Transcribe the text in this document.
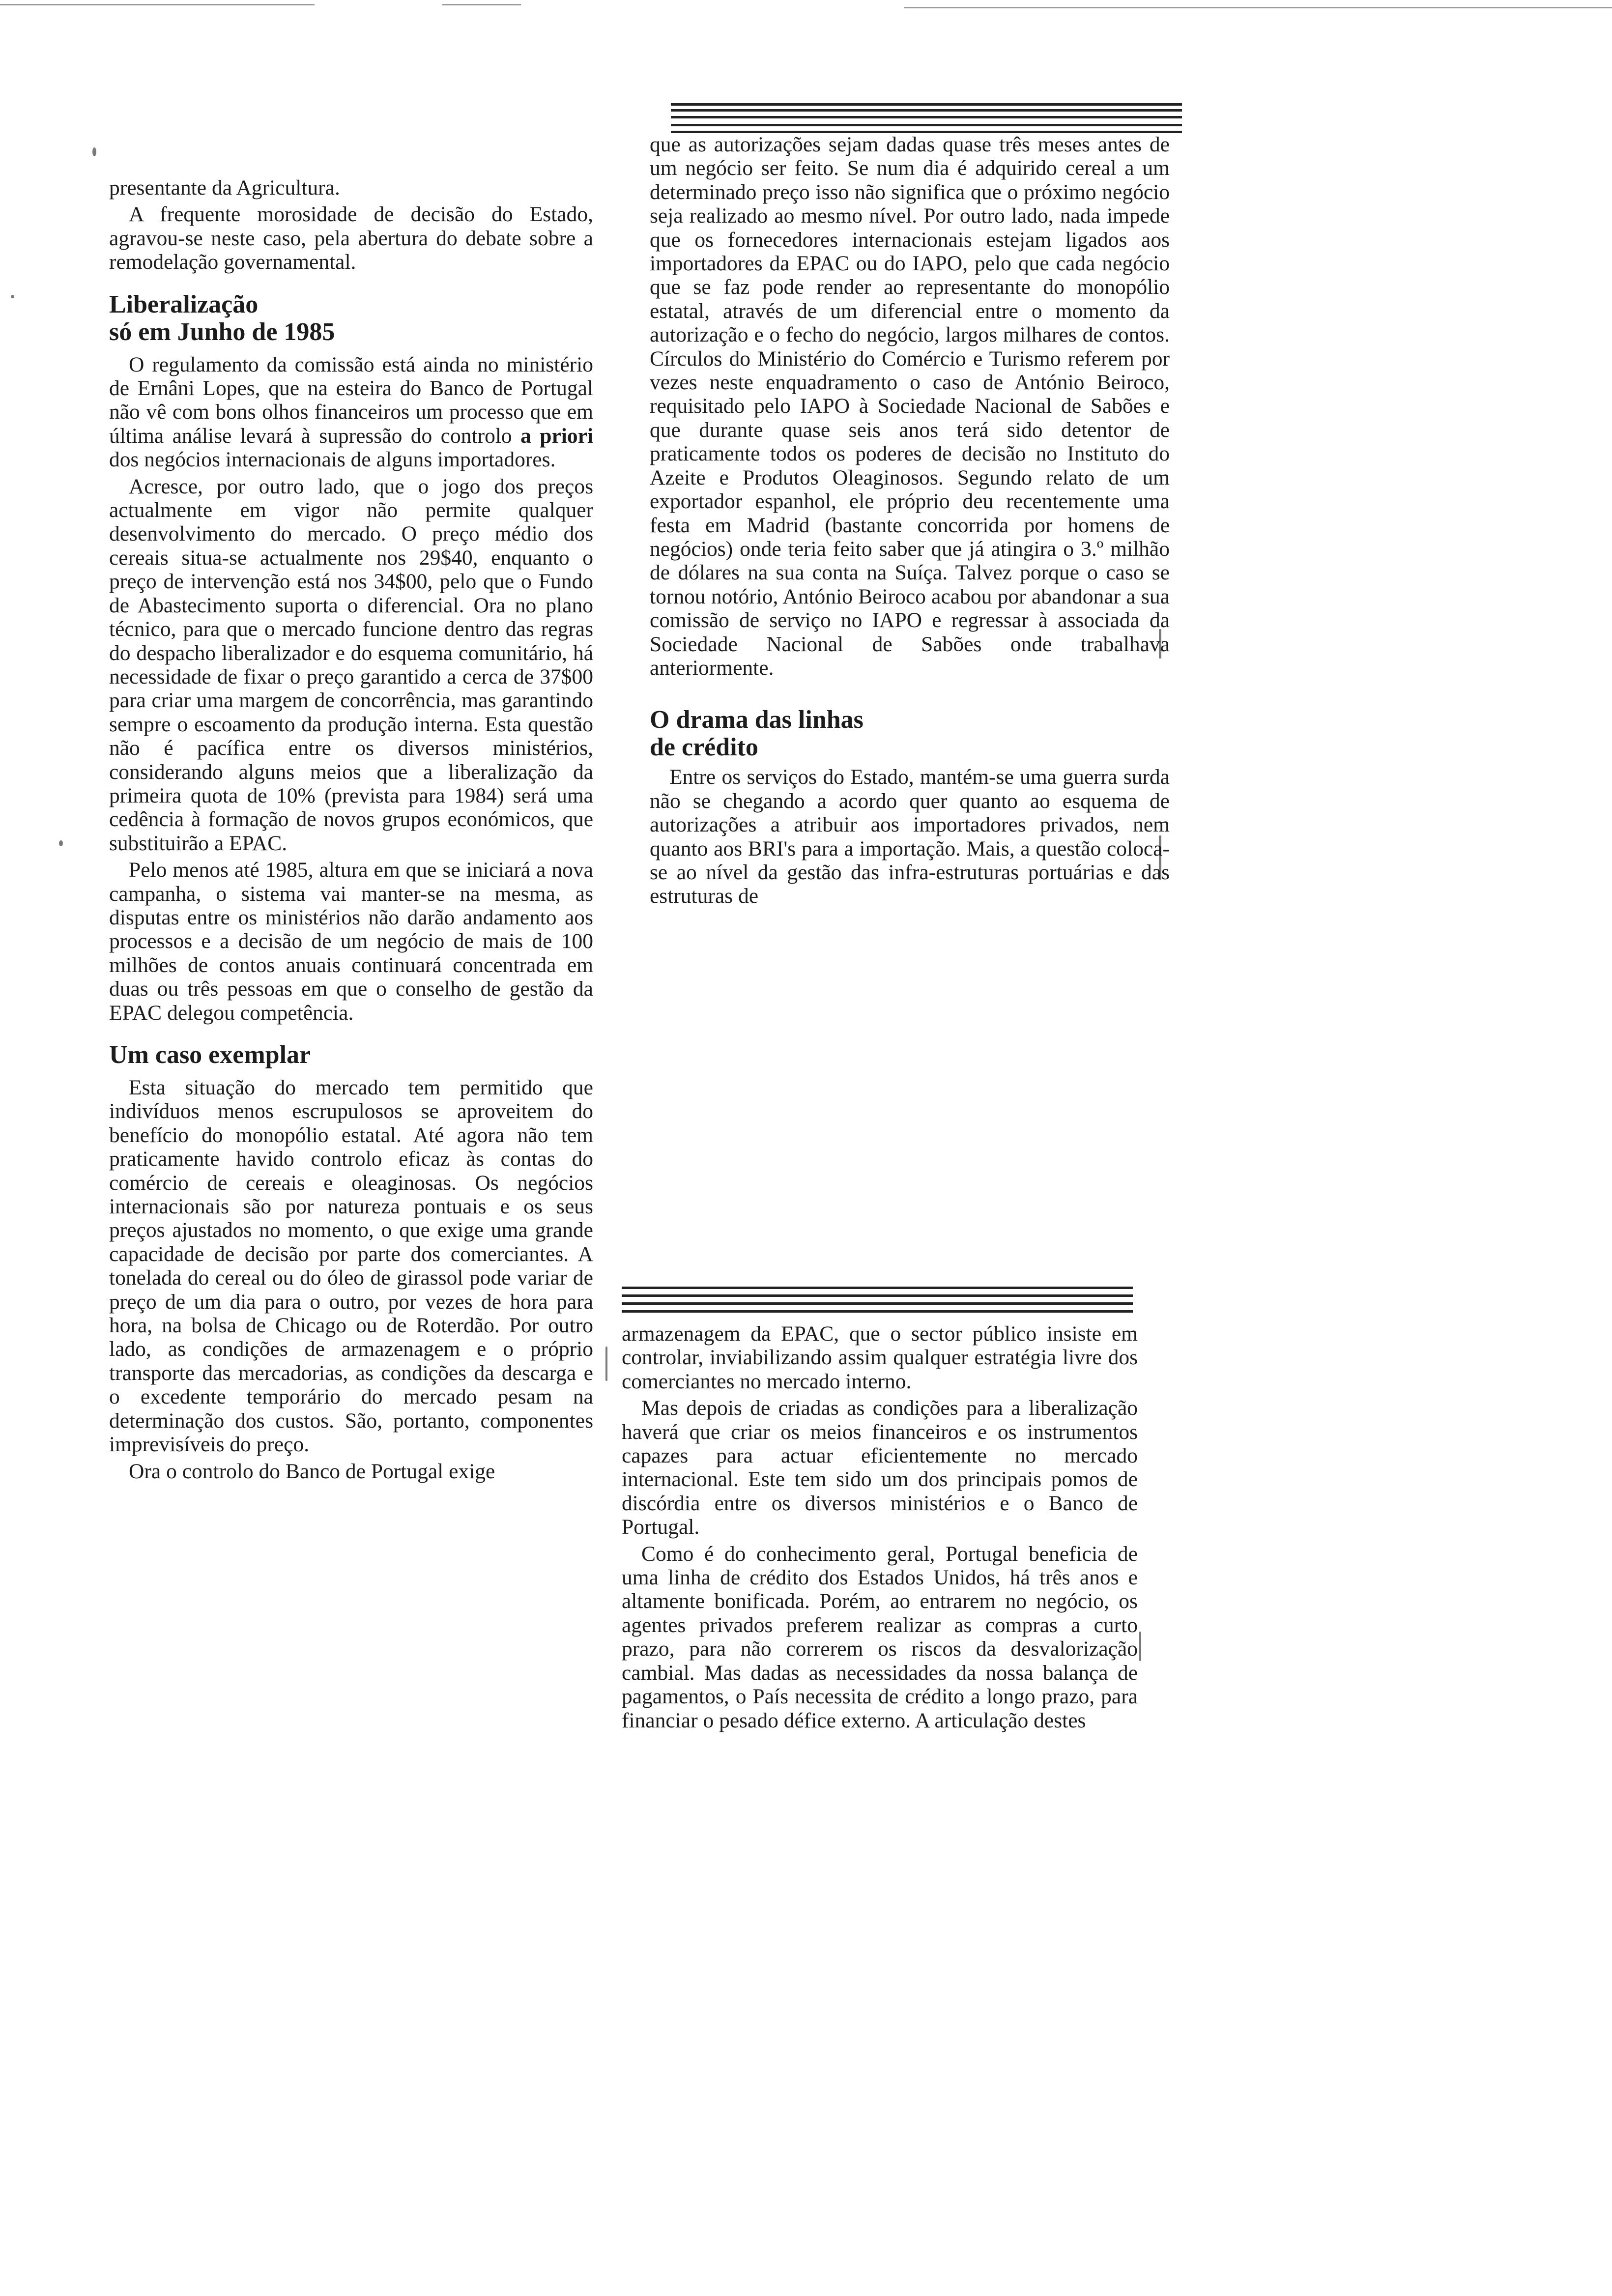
presentante da Agricultura.

A frequente morosidade de decisão do Estado, agravou-se neste caso, pela abertura do debate sobre a remodelação governamental.

Liberalização
só em Junho de 1985

O regulamento da comissão está ainda no ministério de Ernâni Lopes, que na esteira do Banco de Portugal não vê com bons olhos financeiros um processo que em última análise levará à supressão do controlo a priori dos negócios internacionais de alguns importadores.

Acresce, por outro lado, que o jogo dos preços actualmente em vigor não permite qualquer desenvolvimento do mercado. O preço médio dos cereais situa-se actualmente nos 29$40, enquanto o preço de intervenção está nos 34$00, pelo que o Fundo de Abastecimento suporta o diferencial. Ora no plano técnico, para que o mercado funcione dentro das regras do despacho liberalizador e do esquema comunitário, há necessidade de fixar o preço garantido a cerca de 37$00 para criar uma margem de concorrência, mas garantindo sempre o escoamento da produção interna. Esta questão não é pacífica entre os diversos ministérios, considerando alguns meios que a liberalização da primeira quota de 10% (prevista para 1984) será uma cedência à formação de novos grupos económicos, que substituirão a EPAC.

Pelo menos até 1985, altura em que se iniciará a nova campanha, o sistema vai manter-se na mesma, as disputas entre os ministérios não darão andamento aos processos e a decisão de um negócio de mais de 100 milhões de contos anuais continuará concentrada em duas ou três pessoas em que o conselho de gestão da EPAC delegou competência.

Um caso exemplar

Esta situação do mercado tem permitido que indivíduos menos escrupulosos se aproveitem do benefício do monopólio estatal. Até agora não tem praticamente havido controlo eficaz às contas do comércio de cereais e oleaginosas. Os negócios internacionais são por natureza pontuais e os seus preços ajustados no momento, o que exige uma grande capacidade de decisão por parte dos comerciantes. A tonelada do cereal ou do óleo de girassol pode variar de preço de um dia para o outro, por vezes de hora para hora, na bolsa de Chicago ou de Roterdão. Por outro lado, as condições de armazenagem e o próprio transporte das mercadorias, as condições da descarga e o excedente temporário do mercado pesam na determinação dos custos. São, portanto, componentes imprevisíveis do preço.

Ora o controlo do Banco de Portugal exige

que as autorizações sejam dadas quase três meses antes de um negócio ser feito. Se num dia é adquirido cereal a um determinado preço isso não significa que o próximo negócio seja realizado ao mesmo nível. Por outro lado, nada impede que os fornecedores internacionais estejam ligados aos importadores da EPAC ou do IAPO, pelo que cada negócio que se faz pode render ao representante do monopólio estatal, através de um diferencial entre o momento da autorização e o fecho do negócio, largos milhares de contos. Círculos do Ministério do Comércio e Turismo referem por vezes neste enquadramento o caso de António Beiroco, requisitado pelo IAPO à Sociedade Nacional de Sabões e que durante quase seis anos terá sido detentor de praticamente todos os poderes de decisão no Instituto do Azeite e Produtos Oleaginosos. Segundo relato de um exportador espanhol, ele próprio deu recentemente uma festa em Madrid (bastante concorrida por homens de negócios) onde teria feito saber que já atingira o 3.º milhão de dólares na sua conta na Suíça. Talvez porque o caso se tornou notório, António Beiroco acabou por abandonar a sua comissão de serviço no IAPO e regressar à associada da Sociedade Nacional de Sabões onde trabalhava anteriormente.

O drama das linhas
de crédito

Entre os serviços do Estado, mantém-se uma guerra surda não se chegando a acordo quer quanto ao esquema de autorizações a atribuir aos importadores privados, nem quanto aos BRI's para a importação. Mais, a questão coloca-se ao nível da gestão das infra-estruturas portuárias e das estruturas de

armazenagem da EPAC, que o sector público insiste em controlar, inviabilizando assim qualquer estratégia livre dos comerciantes no mercado interno.

Mas depois de criadas as condições para a liberalização haverá que criar os meios financeiros e os instrumentos capazes para actuar eficientemente no mercado internacional. Este tem sido um dos principais pomos de discórdia entre os diversos ministérios e o Banco de Portugal.

Como é do conhecimento geral, Portugal beneficia de uma linha de crédito dos Estados Unidos, há três anos e altamente bonificada. Porém, ao entrarem no negócio, os agentes privados preferem realizar as compras a curto prazo, para não correrem os riscos da desvalorização cambial. Mas dadas as necessidades da nossa balança de pagamentos, o País necessita de crédito a longo prazo, para financiar o pesado défice externo. A articulação destes
